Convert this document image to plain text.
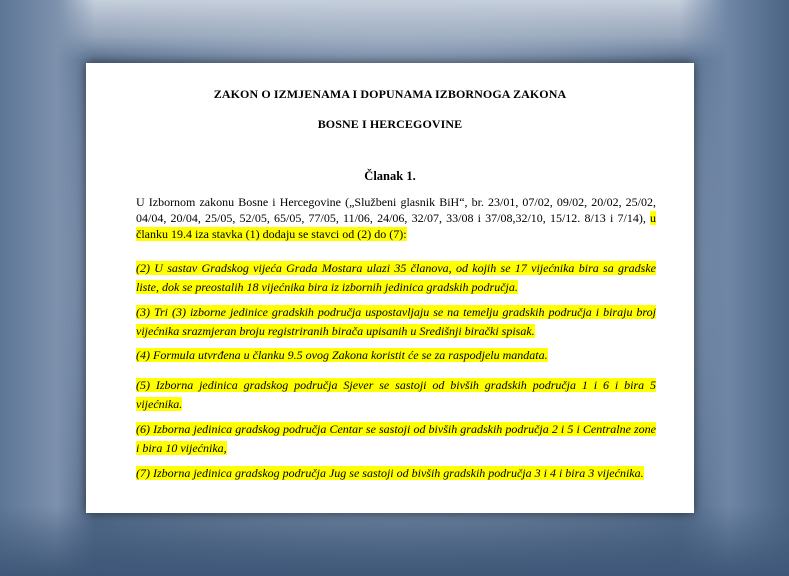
ZAKON O IZMJENAMA I DOPUNAMA IZBORNOGA ZAKONA
BOSNE I HERCEGOVINE
Članak 1.
U Izbornom zakonu Bosne i Hercegovine („Službeni glasnik BiH“, br. 23/01, 07/02, 09/02, 20/02, 25/02, 04/04, 20/04, 25/05, 52/05, 65/05, 77/05, 11/06, 24/06, 32/07, 33/08 i 37/08,32/10, 15/12. 8/13 i 7/14), u članku 19.4 iza stavka (1) dodaju se stavci od (2) do (7):
(2) U sastav Gradskog vijeća Grada Mostara ulazi 35 članova, od kojih se 17 vijećnika bira sa gradske liste, dok se preostalih 18 vijećnika bira iz izbornih jedinica gradskih područja.
(3) Tri (3) izborne jedinice gradskih područja uspostavljaju se na temelju gradskih područja i biraju broj vijećnika srazmjeran broju registriranih birača upisanih u Središnji birački spisak.
(4) Formula utvrđena u članku 9.5 ovog Zakona koristit će se za raspodjelu mandata.
(5) Izborna jedinica gradskog područja Sjever se sastoji od bivših gradskih područja 1 i 6 i bira 5 vijećnika.
(6) Izborna jedinica gradskog područja Centar se sastoji od bivših gradskih područja 2 i 5 i Centralne zone i bira 10 vijećnika,
(7) Izborna jedinica gradskog područja Jug se sastoji od bivših gradskih područja 3 i 4 i bira 3 vijećnika.
